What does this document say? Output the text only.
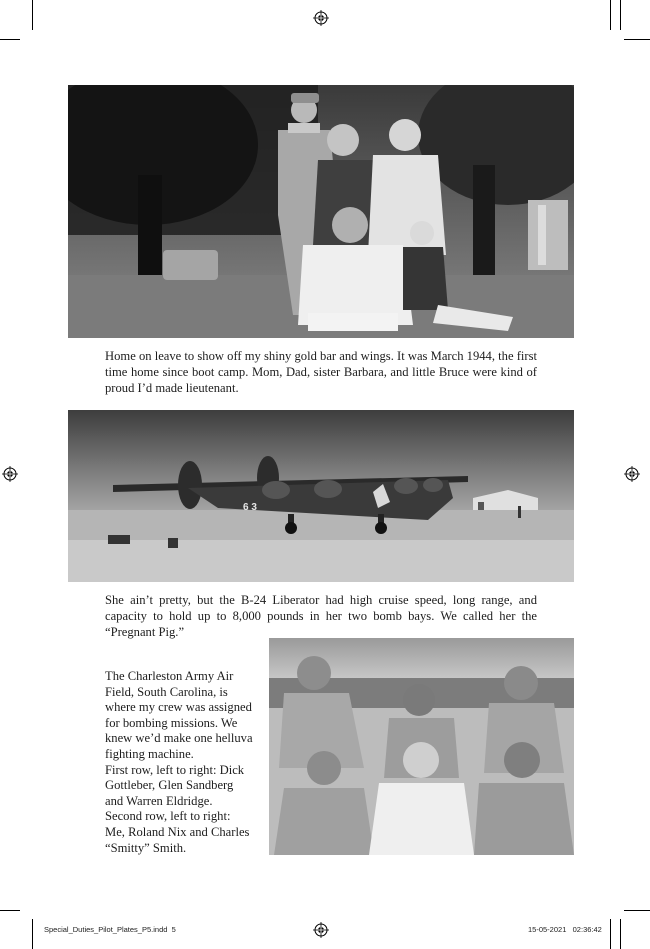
Home on leave to show off my shiny gold bar and wings. It was March 1944, the first time home since boot camp. Mom, Dad, sister Barbara, and little Bruce were kind of proud I’d made lieutenant.
6 3
She ain’t pretty, but the B-24 Liberator had high cruise speed, long range, and capacity to hold up to 8,000 pounds in her two bomb bays. We called her the “Pregnant Pig.”
The Charleston Army Air
Field, South Carolina, is
where my crew was assigned
for bombing missions. We
knew we’d make one helluva
fighting machine.
First row, left to right: Dick
Gottleber, Glen Sandberg
and Warren Eldridge.
Second row, left to right:
Me, Roland Nix and Charles
“Smitty” Smith.
Special_Duties_Pilot_Plates_P5.indd 5	15-05-2021 02:36:42
